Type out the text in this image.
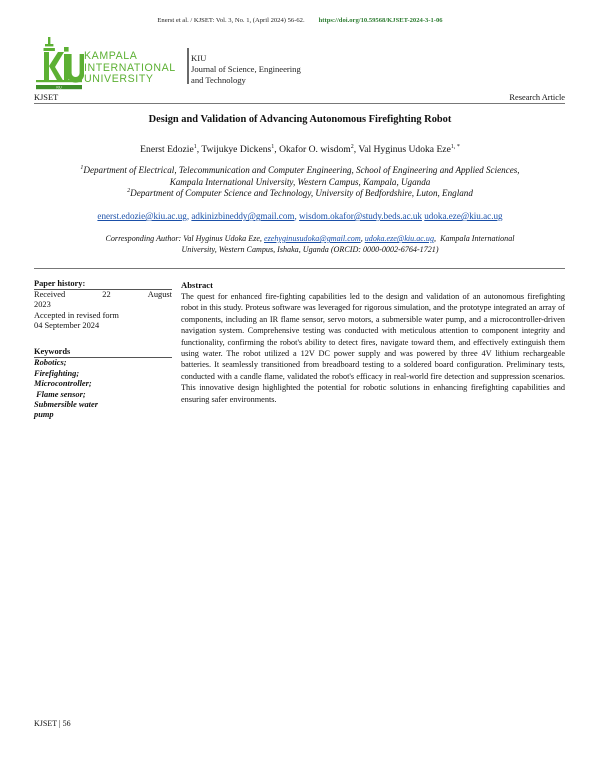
Enerst et al. / KJSET: Vol. 3, No. 1, (April 2024) 56-62. https://doi.org/10.59568/KJSET-2024-3-1-06
KIU
KAMPALA
INTERNATIONAL
UNIVERSITY
KIU
Journal of Science, Engineering
and Technology
KJSET	Research Article
Design and Validation of Advancing Autonomous Firefighting Robot
Enerst Edozie$^1$, Twijukye Dickens$^1$, Okafor O. wisdom$^2$, Val Hyginus Udoka Eze$^{1, *}$
$^1$Department of Electrical, Telecommunication and Computer Engineering, School of Engineering and Applied Sciences,
Kampala International University, Western Campus, Kampala, Uganda
$^2$Department of Computer Science and Technology, University of Bedfordshire, Luton, England
enerst.edozie@kiu.ac.ug, adkinizbineddy@gmail.com, wisdom.okafor@study.beds.ac.uk udoka.eze@kiu.ac.ug
Corresponding Author: Val Hyginus Udoka Eze, ezehyginusudoka@gmail.com, udoka.eze@kiu.ac.ug,  Kampala International
University, Western Campus, Ishaka, Uganda (ORCID: 0000-0002-6764-1721)
Paper history:
Received	22	August
2023
Accepted in revised form
04 September 2024
Keywords
Robotics;
Firefighting;
Microcontroller;
Flame sensor;
Submersible water
pump
Abstract
The quest for enhanced fire-fighting capabilities led to the design and validation of an autonomous firefighting robot in this study. Proteus software was leveraged for rigorous simulation, and the prototype integrated an array of components, including an IR flame sensor, servo motors, a submersible water pump, and a microcontroller-driven navigation system. Comprehensive testing was conducted with meticulous attention to component integrity and functionality, confirming the robot's ability to detect fires, navigate toward them, and effectively extinguish them using water. The robot utilized a 12V DC power supply and was powered by three 4V lithium rechargeable batteries. It seamlessly transitioned from breadboard testing to a soldered board configuration. Preliminary tests, conducted with a candle flame, validated the robot's efficacy in real-world fire detection and suppression scenarios. This innovative design highlighted the potential for robotic solutions in enhancing firefighting capabilities and ensuring safer environments.
KJSET | 56
